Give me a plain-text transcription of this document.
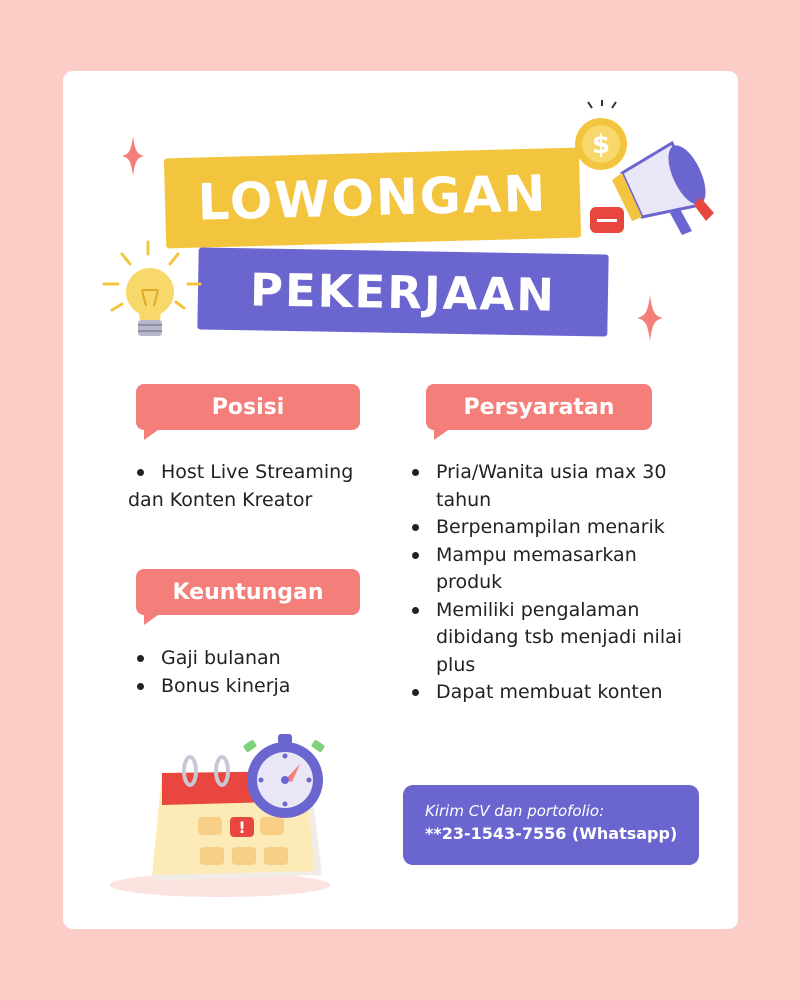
LOWONGAN
PEKERJAAN
$
Posisi	Persyaratan
Keuntungan
Host Live Streaming
dan Konten Kreator
Gaji bulanan
Bonus kinerja
Pria/Wanita usia max 30
tahun
Berpenampilan menarik
Mampu memasarkan
produk
Memiliki pengalaman
dibidang tsb menjadi nilai
plus
Dapat membuat konten
!
Kirim CV dan portofolio:
**23-1543-7556 (Whatsapp)
